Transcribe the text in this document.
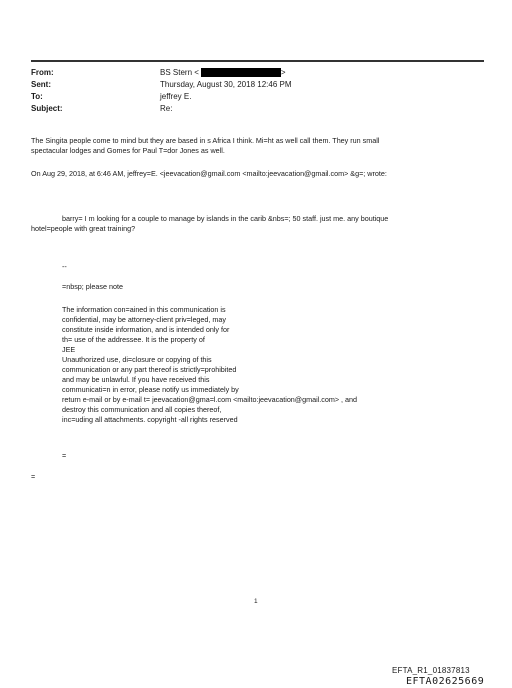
From:	BS Stern <	>
Sent:	Thursday, August 30, 2018 12:46 PM
To:	jeffrey E.
Subject:	Re:
The Singita people come to mind but they are based in s Africa I think. Mi=ht as well call them. They run small
spectacular lodges and Gomes for Paul T=dor Jones as well.
On Aug 29, 2018, at 6:46 AM, jeffrey=E. <jeevacation@gmail.com <mailto:jeevacation@gmail.com> &g=; wrote:
barry= I m looking for a couple to manage by islands in the carib &nbs=; 50 staff. just me. any boutique
hotel=people with great training?
--
=nbsp; please note
The information con=ained in this communication is
confidential, may be attorney-client priv=leged, may
constitute inside information, and is intended only for
th= use of the addressee. It is the property of
JEE
Unauthorized use, di=closure or copying of this
communication or any part thereof is strictly=prohibited
and may be unlawful. If you have received this
communicati=n in error, please notify us immediately by
return e-mail or by e-mail t= jeevacation@gma=l.com <mailto:jeevacation@gmail.com> , and
destroy this communication and all copies thereof,
inc=uding all attachments. copyright -all rights reserved
=
=
1
EFTA_R1_01837813
EFTA02625669
